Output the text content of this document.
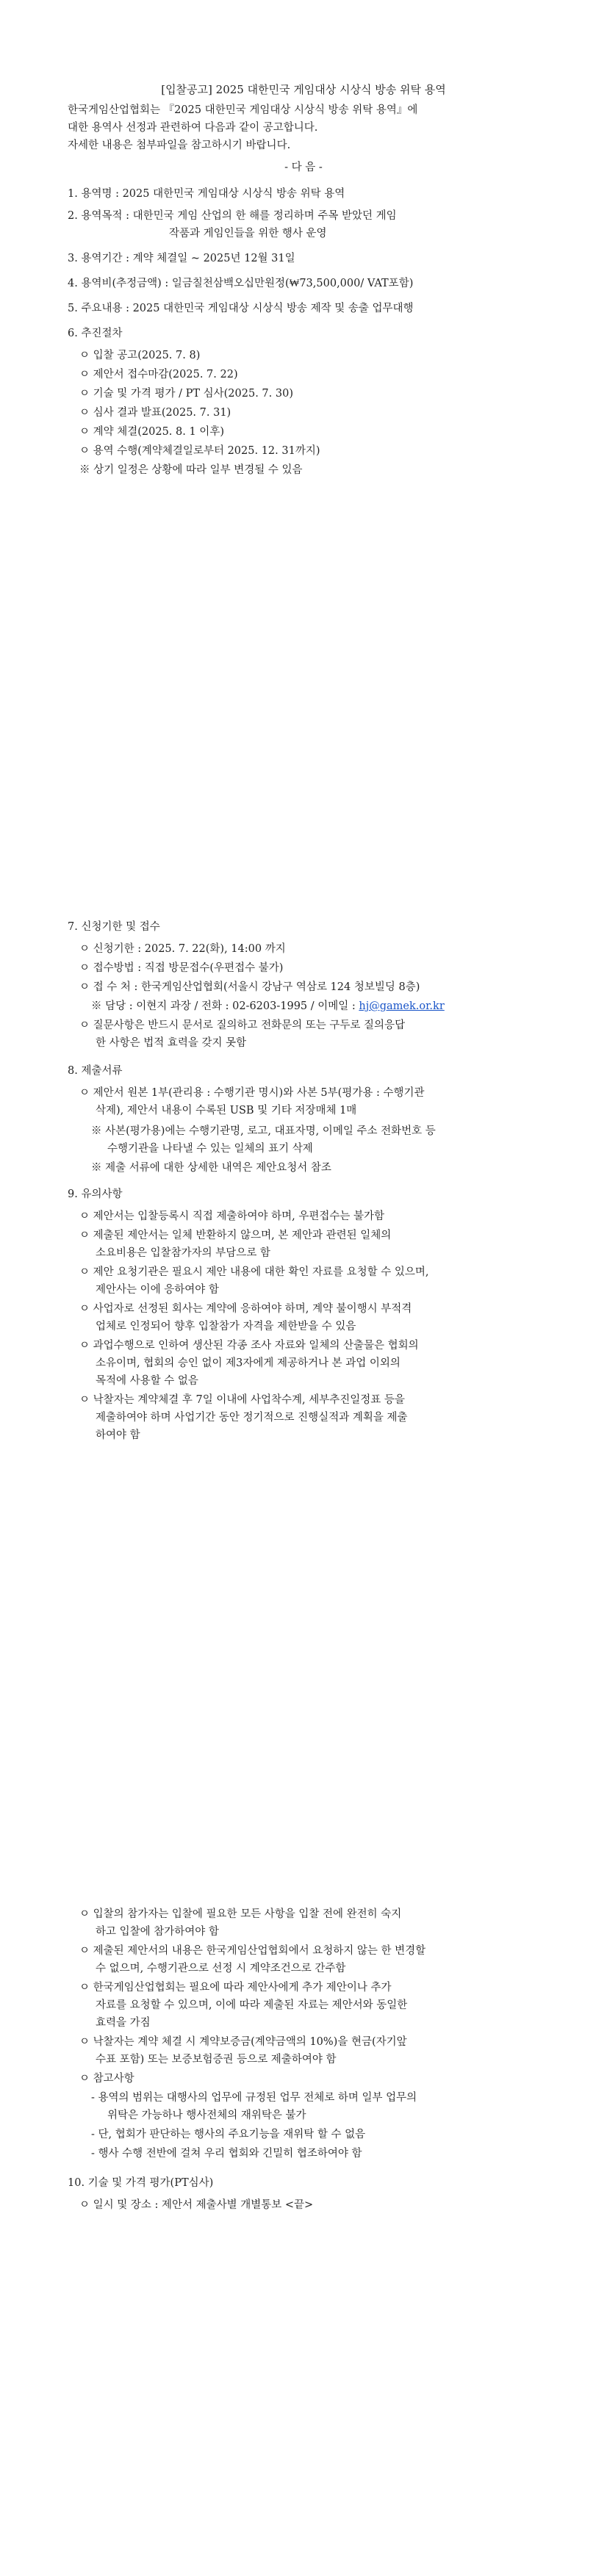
[입찰공고] 2025 대한민국 게임대상 시상식 방송 위탁 용역
한국게임산업협회는 『2025 대한민국 게임대상 시상식 방송 위탁 용역』에
대한 용역사 선정과 관련하여 다음과 같이 공고합니다.
자세한 내용은 첨부파일을 참고하시기 바랍니다.
- 다 음 -
1. 용역명 : 2025 대한민국 게임대상 시상식 방송 위탁 용역
2. 용역목적 : 대한민국 게임 산업의 한 해를 정리하며 주목 받았던 게임
작품과 게임인들을 위한 행사 운영
3. 용역기간 : 계약 체결일 ~ 2025년 12월 31일
4. 용역비(추정금액) : 일금칠천삼백오십만원정(₩73,500,000/ VAT포함)
5. 주요내용 : 2025 대한민국 게임대상 시상식 방송 제작 및 송출 업무대행
6. 추진절차
ㅇ 입찰 공고(2025. 7. 8)
ㅇ 제안서 접수마감(2025. 7. 22)
ㅇ 기술 및 가격 평가 / PT 심사(2025. 7. 30)
ㅇ 심사 결과 발표(2025. 7. 31)
ㅇ 계약 체결(2025. 8. 1 이후)
ㅇ 용역 수행(계약체결일로부터 2025. 12. 31까지)
※ 상기 일정은 상황에 따라 일부 변경될 수 있음
7. 신청기한 및 접수
ㅇ 신청기한 : 2025. 7. 22(화), 14:00 까지
ㅇ 접수방법 : 직접 방문접수(우편접수 불가)
ㅇ 접 수 처 : 한국게임산업협회(서울시 강남구 역삼로 124 청보빌딩 8층)
※ 담당 : 이현지 과장 / 전화 : 02-6203-1995 / 이메일 : hj@gamek.or.kr
ㅇ 질문사항은 반드시 문서로 질의하고 전화문의 또는 구두로 질의응답
한 사항은 법적 효력을 갖지 못함
8. 제출서류
ㅇ 제안서 원본 1부(관리용 : 수행기관 명시)와 사본 5부(평가용 : 수행기관
삭제), 제안서 내용이 수록된 USB 및 기타 저장매체 1매
※ 사본(평가용)에는 수행기관명, 로고, 대표자명, 이메일 주소 전화번호 등
수행기관을 나타낼 수 있는 일체의 표기 삭제
※ 제출 서류에 대한 상세한 내역은 제안요청서 참조
9. 유의사항
ㅇ 제안서는 입찰등록시 직접 제출하여야 하며, 우편접수는 불가함
ㅇ 제출된 제안서는 일체 반환하지 않으며, 본 제안과 관련된 일체의
소요비용은 입찰참가자의 부담으로 함
ㅇ 제안 요청기관은 필요시 제안 내용에 대한 확인 자료를 요청할 수 있으며,
제안사는 이에 응하여야 함
ㅇ 사업자로 선정된 회사는 계약에 응하여야 하며, 계약 불이행시 부적격
업체로 인정되어 향후 입찰참가 자격을 제한받을 수 있음
ㅇ 과업수행으로 인하여 생산된 각종 조사 자료와 일체의 산출물은 협회의
소유이며, 협회의 승인 없이 제3자에게 제공하거나 본 과업 이외의
목적에 사용할 수 없음
ㅇ 낙찰자는 계약체결 후 7일 이내에 사업착수계, 세부추진일정표 등을
제출하여야 하며 사업기간 동안 정기적으로 진행실적과 계획을 제출
하여야 함
ㅇ 입찰의 참가자는 입찰에 필요한 모든 사항을 입찰 전에 완전히 숙지
하고 입찰에 참가하여야 함
ㅇ 제출된 제안서의 내용은 한국게임산업협회에서 요청하지 않는 한 변경할
수 없으며, 수행기관으로 선정 시 계약조건으로 간주함
ㅇ 한국게임산업협회는 필요에 따라 제안사에게 추가 제안이나 추가
자료를 요청할 수 있으며, 이에 따라 제출된 자료는 제안서와 동일한
효력을 가짐
ㅇ 낙찰자는 계약 체결 시 계약보증금(계약금액의 10%)을 현금(자기앞
수표 포함) 또는 보증보험증권 등으로 제출하여야 함
ㅇ 참고사항
- 용역의 범위는 대행사의 업무에 규정된 업무 전체로 하며 일부 업무의
위탁은 가능하나 행사전체의 재위탁은 불가
- 단, 협회가 판단하는 행사의 주요기능을 재위탁 할 수 없음
- 행사 수행 전반에 걸쳐 우리 협회와 긴밀히 협조하여야 함
10. 기술 및 가격 평가(PT심사)
ㅇ 일시 및 장소 : 제안서 제출사별 개별통보 <끝>
